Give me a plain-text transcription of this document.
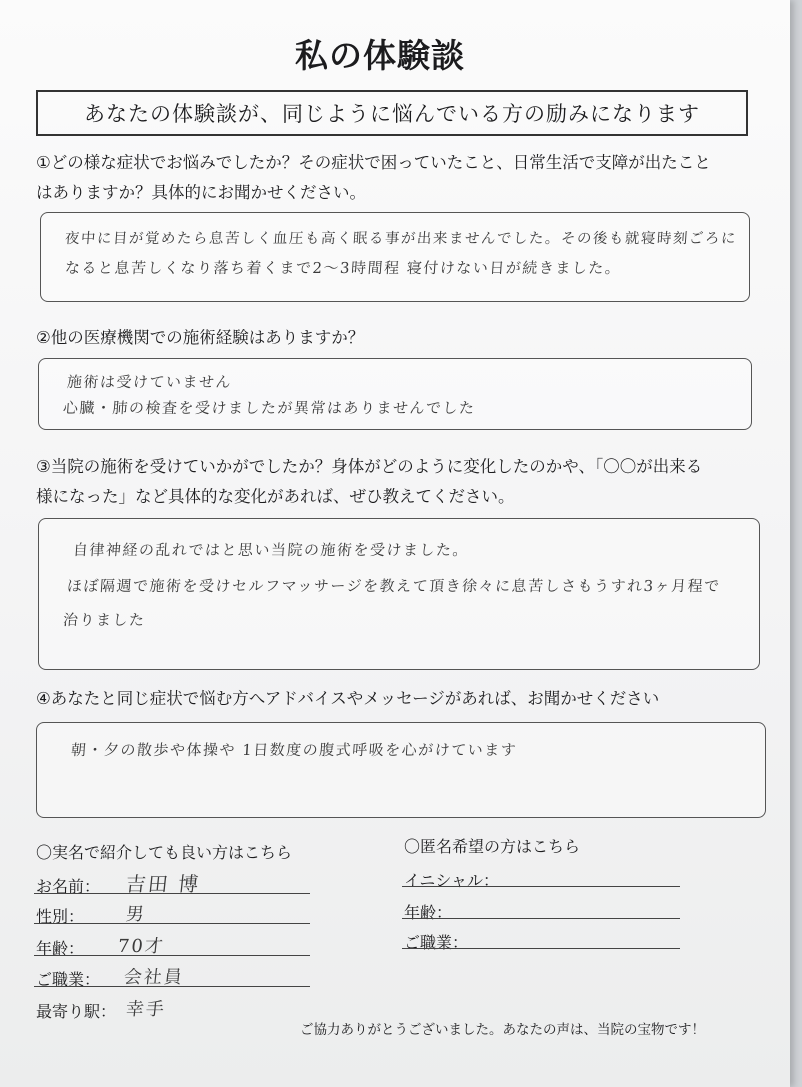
私の体験談
あなたの体験談が、同じように悩んでいる方の励みになります
①どの様な症状でお悩みでしたか？その症状で困っていたこと、日常生活で支障が出たこと
はありますか？具体的にお聞かせください。
夜中に目が覚めたら息苦しく血圧も高く眠る事が出来ませんでした。その後も就寝時刻ごろに
なると息苦しくなり落ち着くまで2〜3時間程 寝付けない日が続きました。
②他の医療機関での施術経験はありますか？
施術は受けていません
心臓・肺の検査を受けましたが異常はありませんでした
③当院の施術を受けていかがでしたか？身体がどのように変化したのかや、「〇〇が出来る
様になった」など具体的な変化があれば、ぜひ教えてください。
自律神経の乱れではと思い当院の施術を受けました。
ほぼ隔週で施術を受けセルフマッサージを教えて頂き徐々に息苦しさもうすれ3ヶ月程で
治りました
④あなたと同じ症状で悩む方へアドバイスやメッセージがあれば、お聞かせください
朝・夕の散歩や体操や 1日数度の腹式呼吸を心がけています
〇実名で紹介しても良い方はこちら
お名前： 吉田 博
性別： 男
年齢： 70才
ご職業： 会社員
最寄り駅： 幸手
〇匿名希望の方はこちら
イニシャル：
年齢：
ご職業：
ご協力ありがとうございました。あなたの声は、当院の宝物です！
